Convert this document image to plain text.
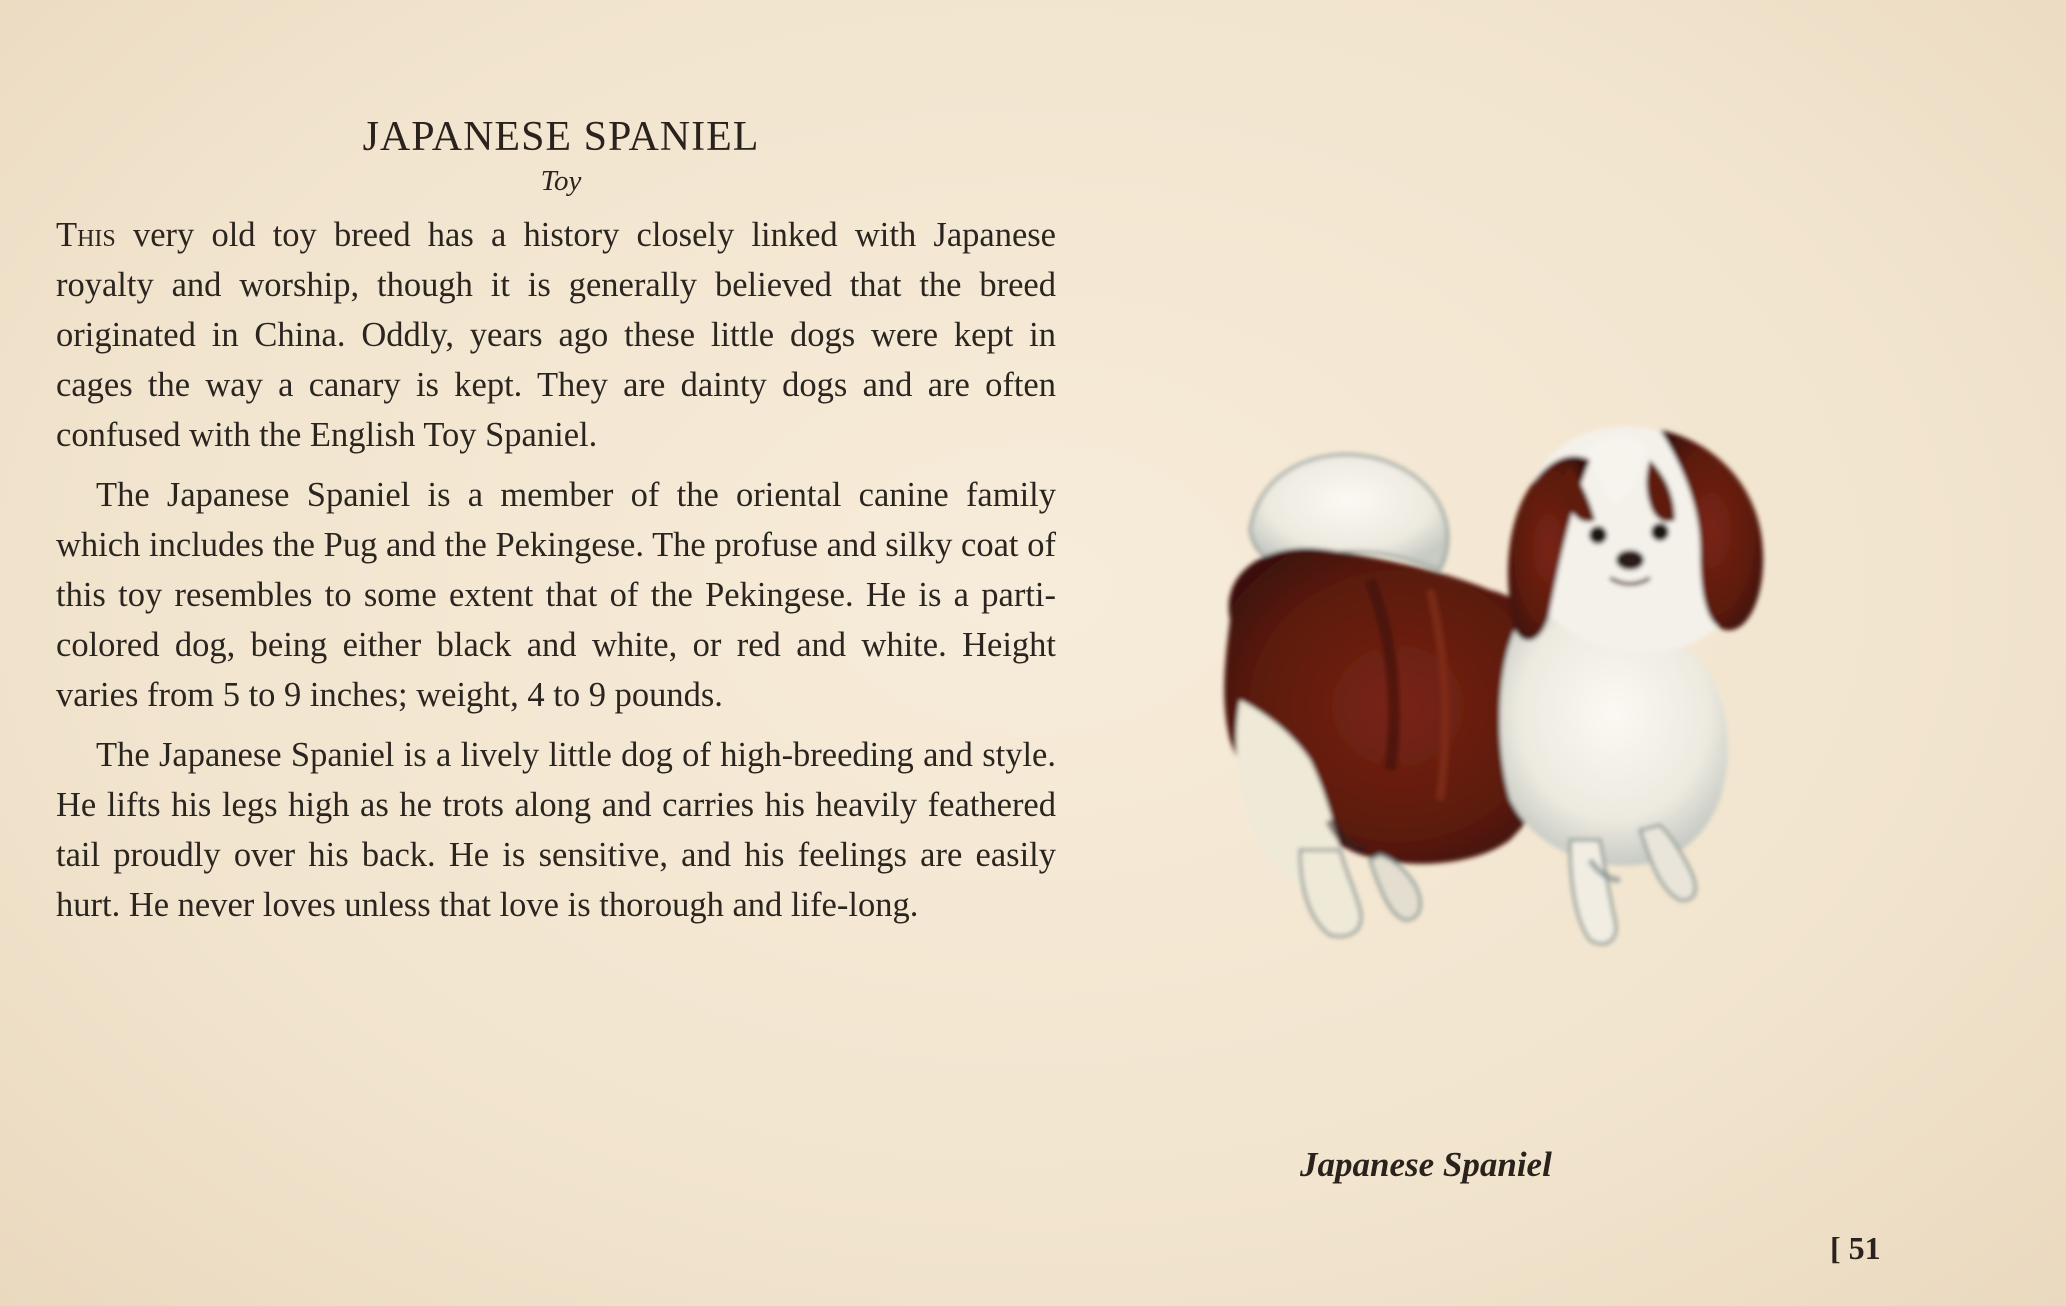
JAPANESE SPANIEL
Toy

This very old toy breed has a history closely linked with Japanese royalty and worship, though it is generally believed that the breed originated in China. Oddly, years ago these little dogs were kept in cages the way a canary is kept. They are dainty dogs and are often confused with the English Toy Spaniel.

The Japanese Spaniel is a member of the oriental canine family which includes the Pug and the Pekingese. The profuse and silky coat of this toy resembles to some extent that of the Pekingese. He is a parti-colored dog, being either black and white, or red and white. Height varies from 5 to 9 inches; weight, 4 to 9 pounds.

The Japanese Spaniel is a lively little dog of high-breeding and style. He lifts his legs high as he trots along and carries his heavily feathered tail proudly over his back. He is sensitive, and his feelings are easily hurt. He never loves unless that love is thorough and life-long.

Japanese Spaniel
[ 51
